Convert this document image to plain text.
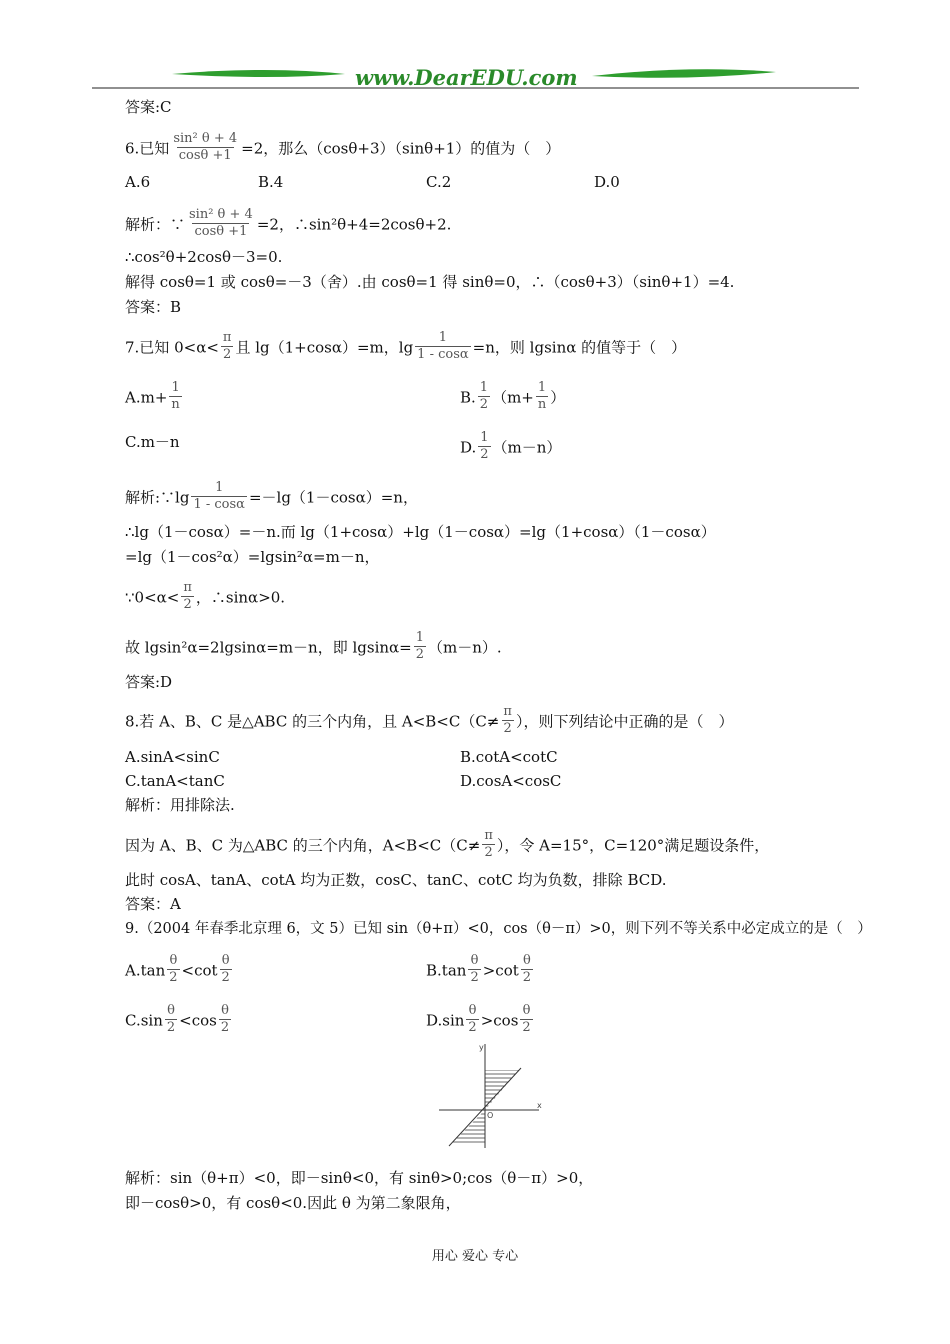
www.DearEDU.com
答案:C
6.已知 $\frac{\text{sin² θ + 4}}{\cos\theta +1} =2$，那么（cosθ+3）（sinθ+1）的值为（　）
A.6	B.4	C.2	D.0
解析：∵ $\frac{\text{sin² θ + 4}}{\cos\theta +1} =2$，∴sin²θ+4=2cosθ+2.
∴cos²θ+2cosθ－3=0.
解得 cosθ=1 或 cosθ=－3（舍）.由 cosθ=1 得 sinθ=0，∴（cosθ+3）（sinθ+1）=4.
答案：B
7.已知 $0<\alpha< \frac{\pi}{2}$ 且 lg（1+cosα）=m，$\lg \frac{1}{1 - \cos\alpha} =n$，则 lgsinα 的值等于（　）
$A.m+ \frac{1}{n}$	B. $\frac{1}{2} (m+ \frac{1}{n}$ ）
C.m－n	D. $\frac{1}{2} (m-n)$
解析:∵lg $\frac{1}{1 - \cos\alpha} =-\lg(1-\cos\alpha)=n$，
∴lg（1－cosα）=－n.而 lg（1+cosα）+lg（1－cosα）=lg（1+cosα）（1－cosα）
=lg（1－cos²α）=lgsin²α=m－n，
∵0<α< $\frac{\pi}{2}$ ，∴sinα>0.
故 lgsin²α=2lgsinα=m－n，即 $lgsin\alpha= \frac{1}{2} (m-n)$.
答案:D
8.若 A、B、C 是△ABC 的三个内角，且 $A<B<C(C\ne \frac{\pi}{2}$ ），则下列结论中正确的是（　）
A.sinA<sinC	B.cotA<cotC
C.tanA<tanC	D.cosA<cosC
解析：用排除法.
因为 A、B、C 为△ABC 的三个内角，$A<B<C(C\ne \frac{\pi}{2}$ ），令 A=15°，C=120°满足题设条件，
此时 cosA、tanA、cotA 均为正数，cosC、tanC、cotC 均为负数，排除 BCD.
答案：A
9.（2004 年春季北京理 6，文 5）已知 sin（θ+π）<0，cos（θ－π）>0，则下列不等关系中必定成立的是（　）
$A.\tan \frac{\theta}{2} <\cot \frac{\theta}{2}$	$B.\tan \frac{\theta}{2} >\cot \frac{\theta}{2}$
$C.\sin \frac{\theta}{2} <\cos \frac{\theta}{2}$	$D.\sin \frac{\theta}{2} >\cos \frac{\theta}{2}$
y
x
O
解析：sin（θ+π）<0，即－sinθ<0，有 sinθ>0;cos（θ－π）>0，
即－cosθ>0，有 cosθ<0.因此 θ 为第二象限角，
用心 爱心 专心
